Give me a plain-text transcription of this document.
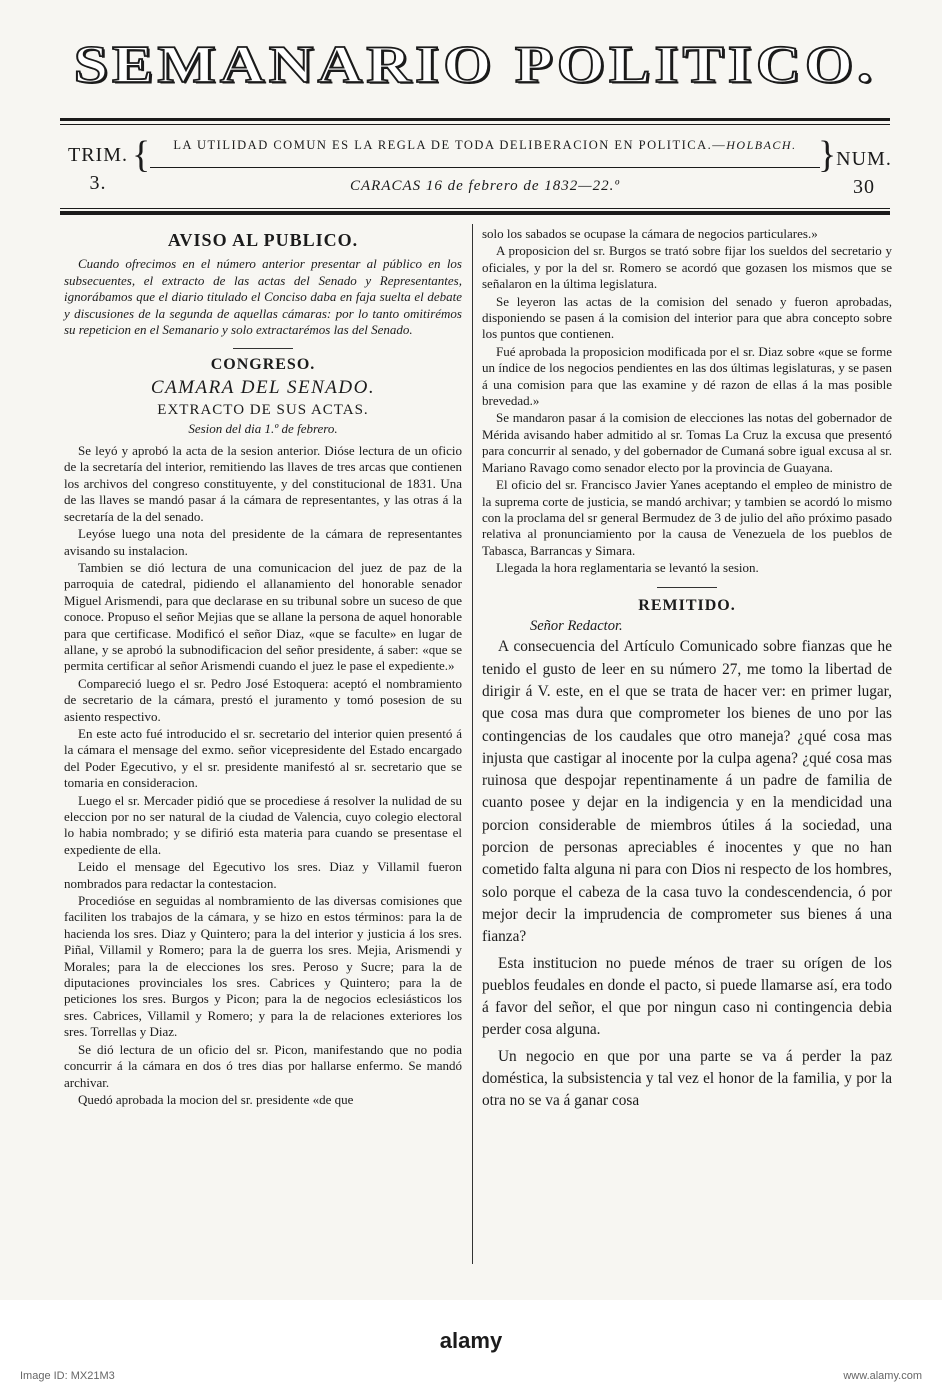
SEMANARIO POLITICO.
TRIM.
3.
{	LA UTILIDAD COMUN ES LA REGLA DE TODA DELIBERACION EN POLITICA.—HOLBACH.
CARACAS 16 de febrero de 1832—22.º
} NUM.
30
AVISO AL PUBLICO.

Cuando ofrecimos en el número anterior presentar al público en los subsecuentes, el extracto de las actas del Senado y Representantes, ignorábamos que el diario titulado el Conciso daba en faja suelta el debate y discusiones de la segunda de aquellas cámaras: por lo tanto omitirémos su repeticion en el Semanario y solo extractarémos las del Senado.

CONGRESO.
CAMARA DEL SENADO.
EXTRACTO DE SUS ACTAS.
Sesion del dia 1.º de febrero.

Se leyó y aprobó la acta de la sesion anterior. Dióse lectura de un oficio de la secretaría del interior, remitiendo las llaves de tres arcas que contienen los archivos del congreso constituyente, y del constitucional de 1831. Una de las llaves se mandó pasar á la cámara de representantes, y las otras á la secretaría de la del senado.

Leyóse luego una nota del presidente de la cámara de representantes avisando su instalacion.

Tambien se dió lectura de una comunicacion del juez de paz de la parroquia de catedral, pidiendo el allanamiento del honorable senador Miguel Arismendi, para que declarase en su tribunal sobre un suceso de que conoce. Propuso el señor Mejias que se allane la persona de aquel honorable para que certificase. Modificó el señor Diaz, «que se faculte» en lugar de allane, y se aprobó la subnodificacion del señor presidente, á saber: «que se permita certificar al señor Arismendi cuando el juez le pase el expediente.»

Compareció luego el sr. Pedro José Estoquera: aceptó el nombramiento de secretario de la cámara, prestó el juramento y tomó posesion de su asiento respectivo.

En este acto fué introducido el sr. secretario del interior quien presentó á la cámara el mensage del exmo. señor vicepresidente del Estado encargado del Poder Egecutivo, y el sr. presidente manifestó al sr. secretario que se tomaria en consideracion.

Luego el sr. Mercader pidió que se procediese á resolver la nulidad de su eleccion por no ser natural de la ciudad de Valencia, cuyo colegio electoral lo habia nombrado; y se difirió esta materia para cuando se presentase el expediente de ella.

Leido el mensage del Egecutivo los sres. Diaz y Villamil fueron nombrados para redactar la contestacion.

Procedióse en seguidas al nombramiento de las diversas comisiones que faciliten los trabajos de la cámara, y se hizo en estos términos: para la de hacienda los sres. Diaz y Quintero; para la del interior y justicia á los sres. Piñal, Villamil y Romero; para la de guerra los sres. Mejia, Arismendi y Morales; para la de elecciones los sres. Peroso y Sucre; para la de diputaciones provinciales los sres. Cabrices y Quintero; para la de peticiones los sres. Burgos y Picon; para la de negocios eclesiásticos los sres. Cabrices, Villamil y Romero; y para la de relaciones exteriores los sres. Torrellas y Diaz.

Se dió lectura de un oficio del sr. Picon, manifestando que no podia concurrir á la cámara en dos ó tres dias por hallarse enfermo. Se mandó archivar.

Quedó aprobada la mocion del sr. presidente «de que

solo los sabados se ocupase la cámara de negocios particulares.»

A proposicion del sr. Burgos se trató sobre fijar los sueldos del secretario y oficiales, y por la del sr. Romero se acordó que gozasen los mismos que se señalaron en la última legislatura.

Se leyeron las actas de la comision del senado y fueron aprobadas, disponiendo se pasen á la comision del interior para que abra concepto sobre los puntos que contienen.

Fué aprobada la proposicion modificada por el sr. Diaz sobre «que se forme un índice de los negocios pendientes en las dos últimas legislaturas, y se pasen á una comision para que las examine y dé razon de ellas á la mas posible brevedad.»

Se mandaron pasar á la comision de elecciones las notas del gobernador de Mérida avisando haber admitido al sr. Tomas La Cruz la excusa que presentó para concurrir al senado, y del gobernador de Cumaná sobre igual excusa al sr. Mariano Ravago como senador electo por la provincia de Guayana.

El oficio del sr. Francisco Javier Yanes aceptando el empleo de ministro de la suprema corte de justicia, se mandó archivar; y tambien se acordó lo mismo con la proclama del sr general Bermudez de 3 de julio del año próximo pasado relativa al pronunciamiento por la causa de Venezuela de los pueblos de Tabasca, Barrancas y Simara.

Llegada la hora reglamentaria se levantó la sesion.

REMITIDO.
Señor Redactor.

A consecuencia del Artículo Comunicado sobre fianzas que he tenido el gusto de leer en su número 27, me tomo la libertad de dirigir á V. este, en el que se trata de hacer ver: en primer lugar, que cosa mas dura que comprometer los bienes de uno por las contingencias de los caudales que otro maneja? ¿qué cosa mas injusta que castigar al inocente por la culpa agena? ¿qué cosa mas ruinosa que despojar repentinamente á un padre de familia de cuanto posee y dejar en la indigencia y en la mendicidad una porcion considerable de miembros útiles á la sociedad, una porcion de personas apreciables é inocentes y que no han cometido falta alguna ni para con Dios ni respecto de los hombres, solo porque el cabeza de la casa tuvo la condescendencia, ó por mejor decir la imprudencia de comprometer sus bienes á una fianza?

Esta institucion no puede ménos de traer su orígen de los pueblos feudales en donde el pacto, si puede llamarse así, era todo á favor del señor, el que por ningun caso ni contingencia debia perder cosa alguna.

Un negocio en que por una parte se va á perder la paz doméstica, la subsistencia y tal vez el honor de la familia, y por la otra no se va á ganar cosa

alamy
Image ID: MX21M3	www.alamy.com
